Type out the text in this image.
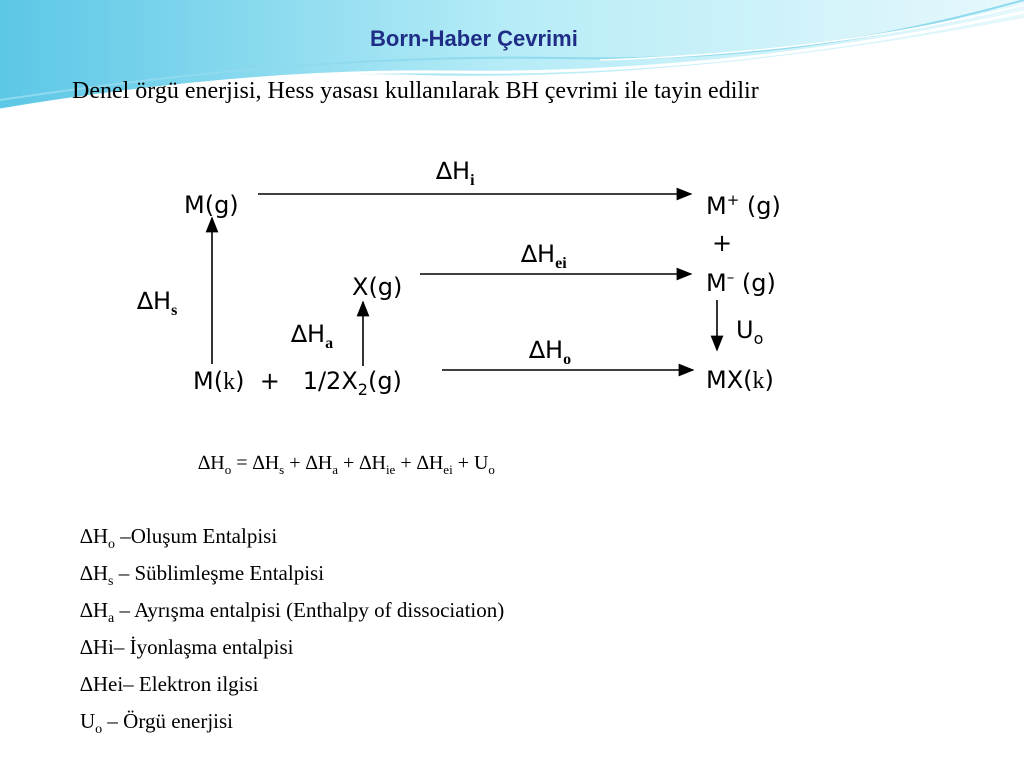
Born-Haber Çevrimi
Denel örgü enerjisi, Hess yasası kullanılarak BH çevrimi ile tayin edilir
M(g)	M+ (g)
+
M– (g)
X(g)
$M(k) + 1/2X_2(g)$	MX(k)
$\Delta H_i$
$\Delta H_{ei}$
$\Delta H_s$
$\Delta H_a$	$\Delta H_o$
$U_o$
$\Delta H_o = \Delta H_s + \Delta H_a + \Delta H_{ie} + \Delta H_{ei} + U_o$
$\Delta H_o$ –Oluşum Entalpisi
$\Delta H_s$ – Süblimleşme Entalpisi
$\Delta H_a$ – Ayrışma entalpisi (Enthalpy of dissociation)
∆Hi– İyonlaşma entalpisi
∆Hei– Elektron ilgisi
$U_o$ – Örgü enerjisi
